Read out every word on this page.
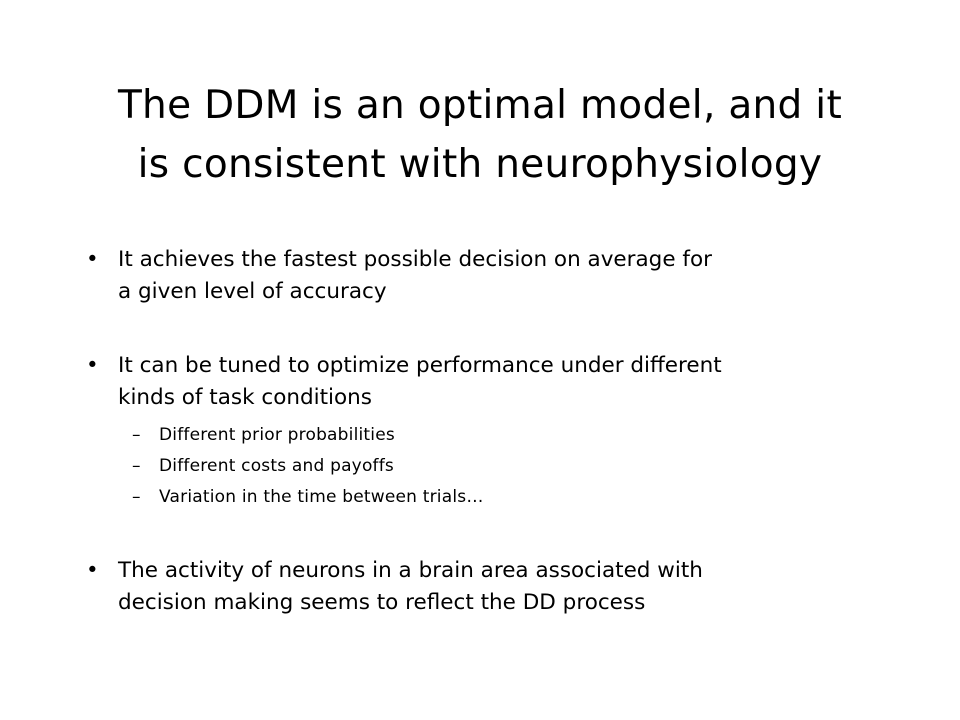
The DDM is an optimal model, and it
is consistent with neurophysiology
• It achieves the fastest possible decision on average for
a given level of accuracy
• It can be tuned to optimize performance under different
kinds of task conditions
– Different prior probabilities
– Different costs and payoffs
– Variation in the time between trials…
• The activity of neurons in a brain area associated with
decision making seems to reflect the DD process
